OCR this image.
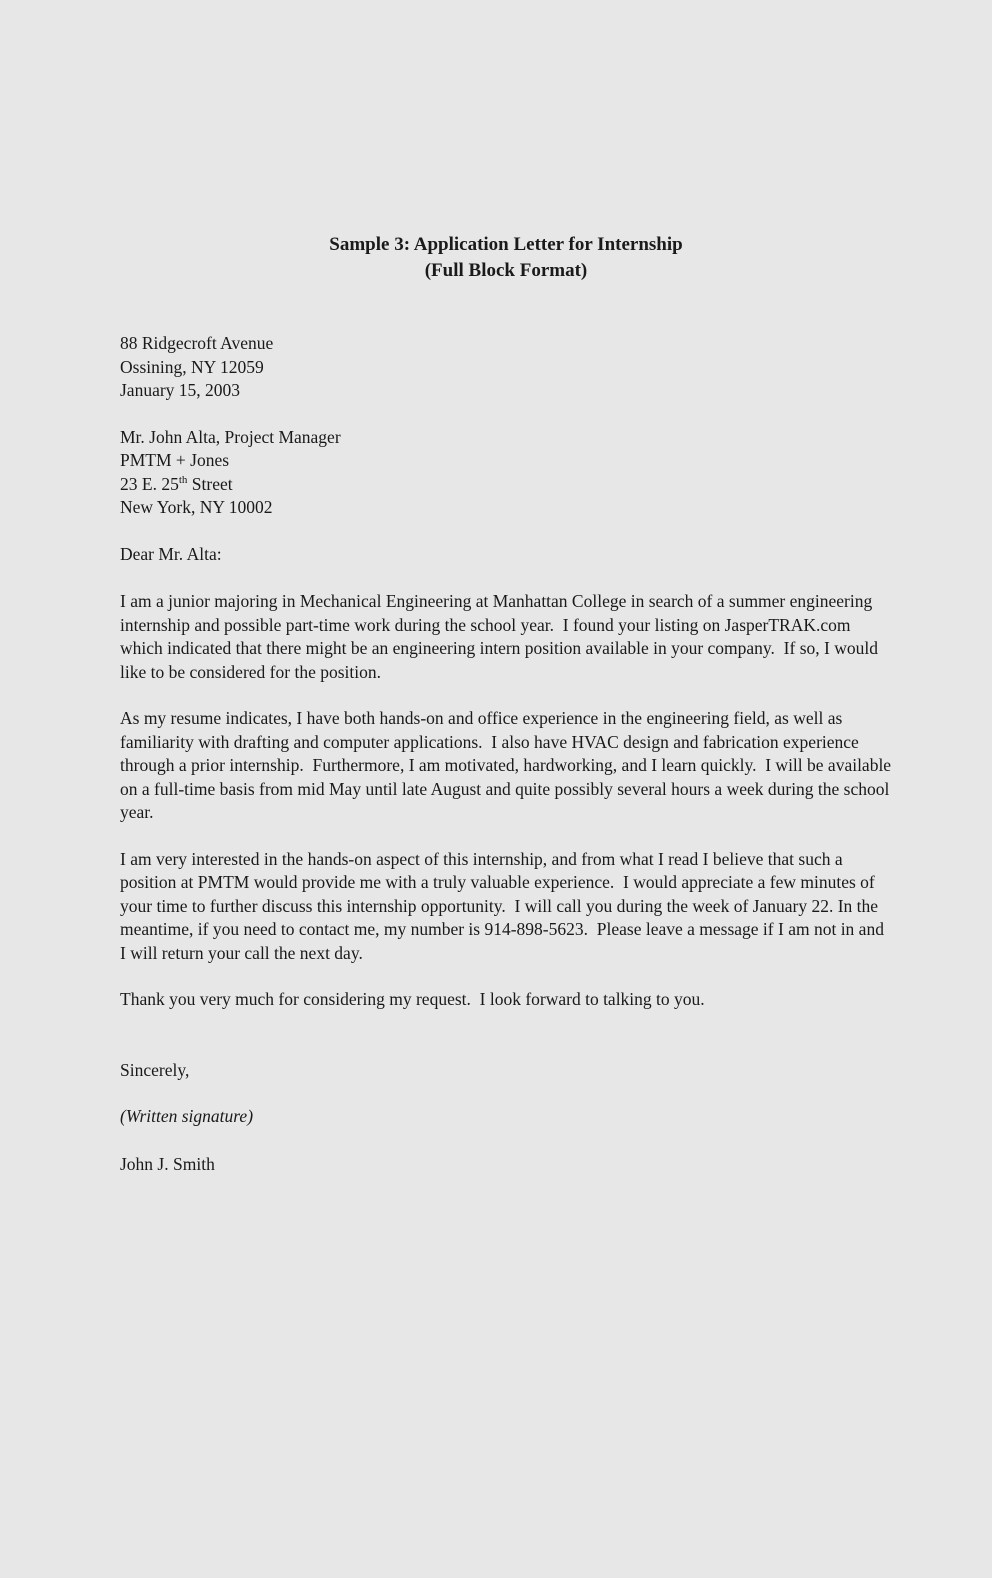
Sample 3: Application Letter for Internship
(Full Block Format)
88 Ridgecroft Avenue
Ossining, NY 12059
January 15, 2003
Mr. John Alta, Project Manager
PMTM + Jones
23 E. 25th Street
New York, NY 10002
Dear Mr. Alta:

I am a junior majoring in Mechanical Engineering at Manhattan College in search of a summer engineering internship and possible part-time work during the school year.  I found your listing on JasperTRAK.com which indicated that there might be an engineering intern position available in your company.  If so, I would like to be considered for the position.

As my resume indicates, I have both hands-on and office experience in the engineering field, as well as familiarity with drafting and computer applications.  I also have HVAC design and fabrication experience through a prior internship.  Furthermore, I am motivated, hardworking, and I learn quickly.  I will be available on a full-time basis from mid May until late August and quite possibly several hours a week during the school year.

I am very interested in the hands-on aspect of this internship, and from what I read I believe that such a position at PMTM would provide me with a truly valuable experience.  I would appreciate a few minutes of your time to further discuss this internship opportunity.  I will call you during the week of January 22. In the meantime, if you need to contact me, my number is 914-898-5623.  Please leave a message if I am not in and I will return your call the next day.

Thank you very much for considering my request.  I look forward to talking to you.

Sincerely,
(Written signature)
John J. Smith
